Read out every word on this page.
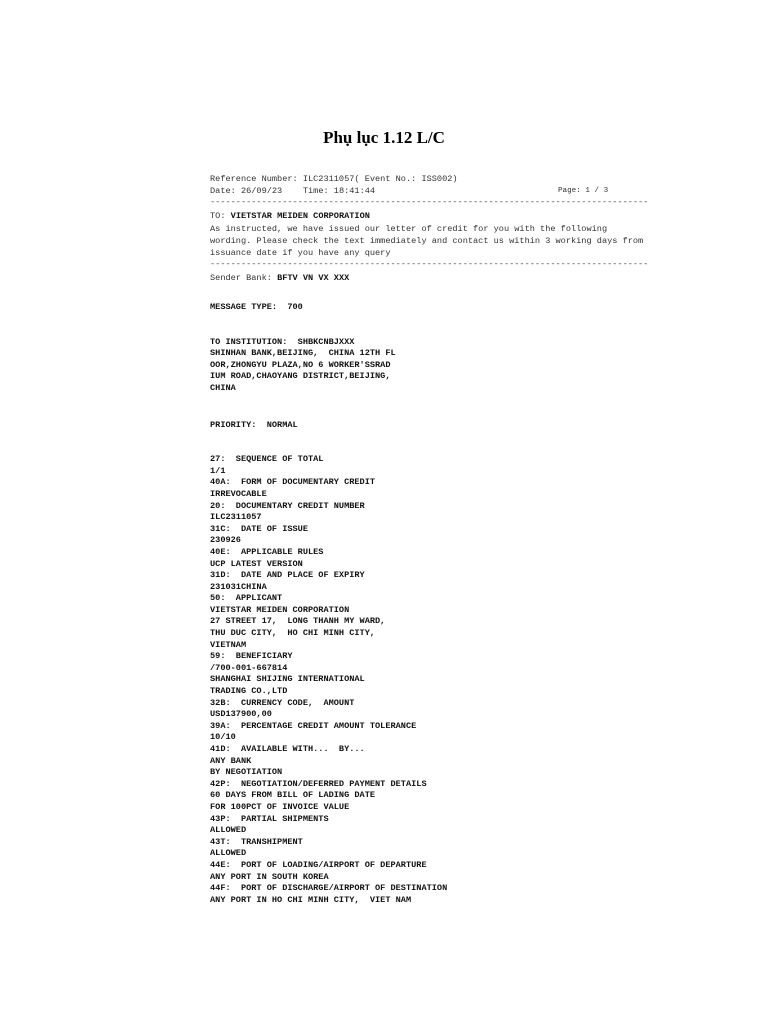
Phụ lục 1.12 L/C
Reference Number: ILC2311057( Event No.: ISS002)
Date: 26/09/23 Time: 18:41:44	Page: 1 / 3
-------------------------------------------------------------------------------------
TO: VIETSTAR MEIDEN CORPORATION
As instructed, we have issued our letter of credit for you with the following wording. Please check the text immediately and contact us within 3 working days from issuance date if you have any query
-------------------------------------------------------------------------------------
Sender Bank: BFTV VN VX XXX
MESSAGE TYPE:  700
TO INSTITUTION:  SHBKCNBJXXX
SHINHAN BANK,BEIJING,  CHINA 12TH FL
OOR,ZHONGYU PLAZA,NO 6 WORKER'SSRAD
IUM ROAD,CHAOYANG DISTRICT,BEIJING,
CHINA
PRIORITY:  NORMAL
27:  SEQUENCE OF TOTAL
1/1
40A:  FORM OF DOCUMENTARY CREDIT
IRREVOCABLE
20:  DOCUMENTARY CREDIT NUMBER
ILC2311057
31C:  DATE OF ISSUE
230926
40E:  APPLICABLE RULES
UCP LATEST VERSION
31D:  DATE AND PLACE OF EXPIRY
231031CHINA
50:  APPLICANT
VIETSTAR MEIDEN CORPORATION
27 STREET 17,  LONG THANH MY WARD,
THU DUC CITY,  HO CHI MINH CITY,
VIETNAM
59:  BENEFICIARY
/700-001-667814
SHANGHAI SHIJING INTERNATIONAL
TRADING CO.,LTD
32B:  CURRENCY CODE,  AMOUNT
USD137900,00
39A:  PERCENTAGE CREDIT AMOUNT TOLERANCE
10/10
41D:  AVAILABLE WITH...  BY...
ANY BANK
BY NEGOTIATION
42P:  NEGOTIATION/DEFERRED PAYMENT DETAILS
60 DAYS FROM BILL OF LADING DATE
FOR 100PCT OF INVOICE VALUE
43P:  PARTIAL SHIPMENTS
ALLOWED
43T:  TRANSHIPMENT
ALLOWED
44E:  PORT OF LOADING/AIRPORT OF DEPARTURE
ANY PORT IN SOUTH KOREA
44F:  PORT OF DISCHARGE/AIRPORT OF DESTINATION
ANY PORT IN HO CHI MINH CITY,  VIET NAM
